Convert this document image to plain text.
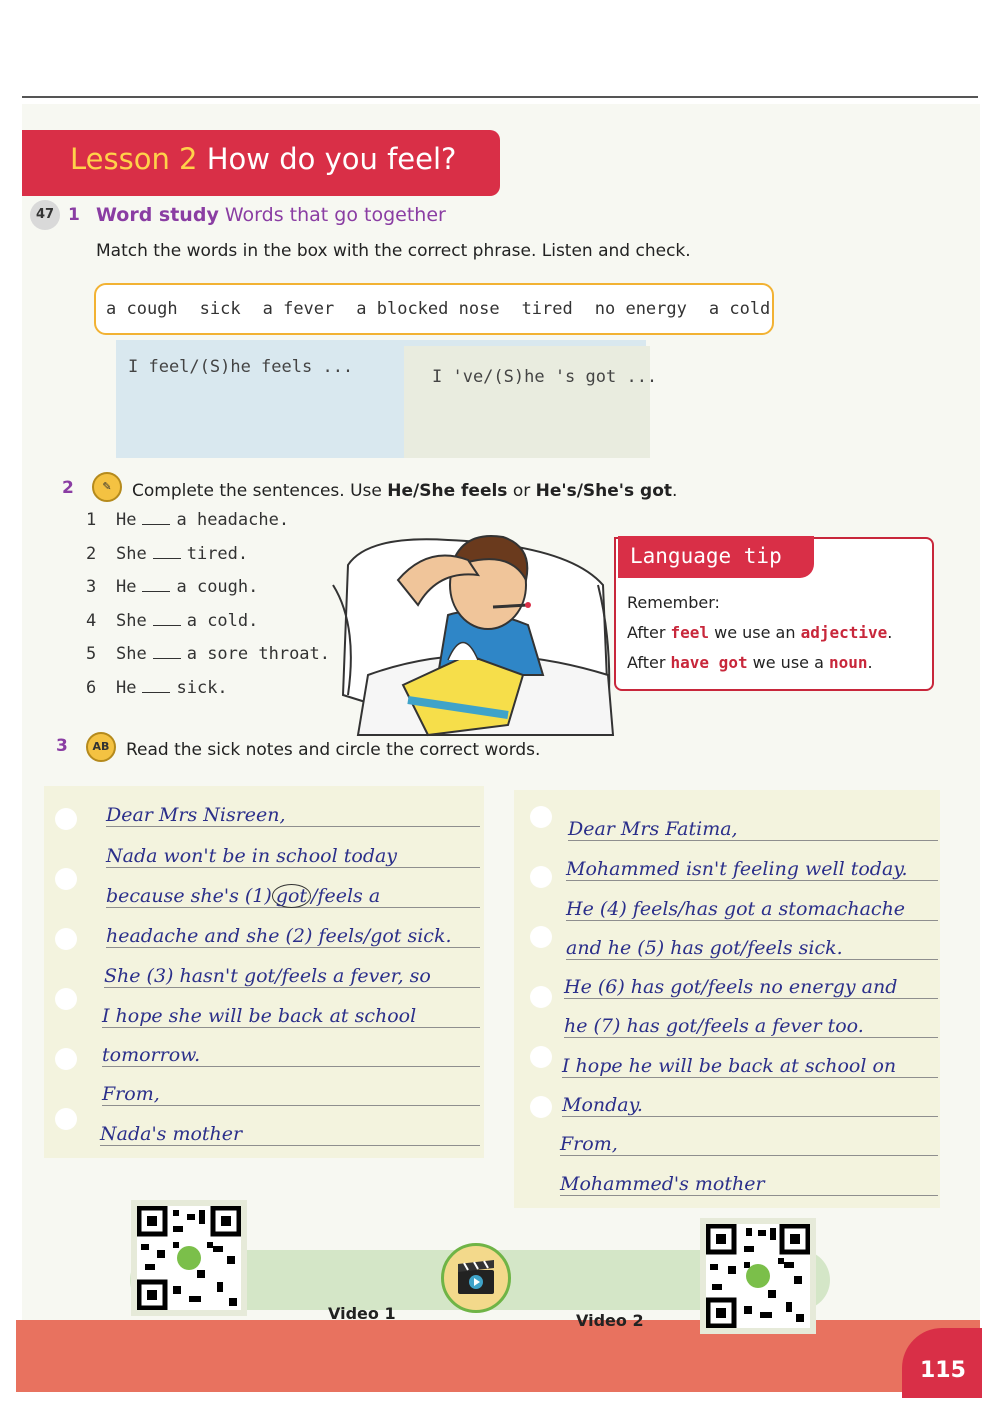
Lesson 2 How do you feel?
47 1 Word study Words that go together
Match the words in the box with the correct phrase. Listen and check.
a cough sick a fever a blocked nose tired no energy a cold
I feel/(S)he feels ...	I 've/(S)he 's got ...
2	✎	Complete the sentences. Use He/She feels or He's/She's got.
1 He a headache.
2 She tired.
3 He a cough.
4 She a cold.
5 She a sore throat.
6 He sick.
Language tip
Remember:
After feel we use an adjective.
After have got we use a noun.
3	AB Read the sick notes and circle the correct words.
Dear Mrs Nisreen,
Nada won't be in school today
because she's (1) got /feels a
headache and she (2) feels/got sick.
She (3) hasn't got/feels a fever, so
I hope she will be back at school
tomorrow.
From,
Nada's mother
Dear Mrs Fatima,
Mohammed isn't feeling well today.
He (4) feels/has got a stomachache
and he (5) has got/feels sick.
He (6) has got/feels no energy and
he (7) has got/feels a fever too.
I hope he will be back at school on
Monday.
From,
Mohammed's mother
Video 1	Video 2
115
